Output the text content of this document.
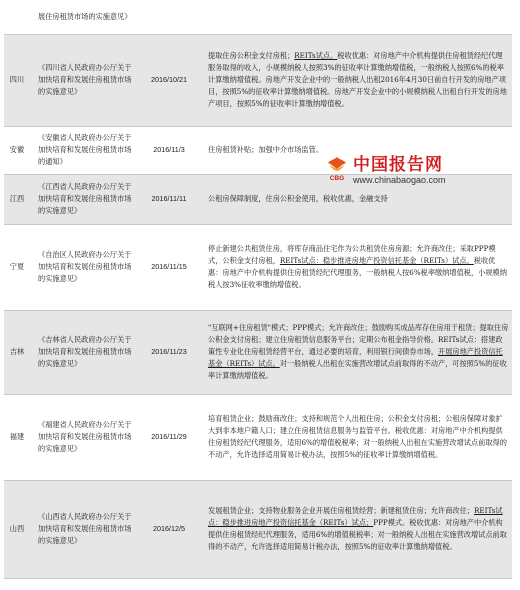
	展住房租赁市场的实施意见》		
四川	《四川省人民政府办公厅关于加快培育和发展住房租赁市场的实施意见》	2016/10/21	提取住房公积金支付房租；REITs试点。税收优惠：对房地产中介机构提供住房租赁经纪代理服务取得的收入，小规模纳税人按照3%的征收率计算缴纳增值税，一般纳税人按照6%的税率计算缴纳增值税。房地产开发企业中的一般纳税人出租2016年4月30日前自行开发的房地产项目，按照5%的征收率计算缴纳增值税。房地产开发企业中的小规模纳税人出租自行开发的房地产项目，按照5%的征收率计算缴纳增值税。
安徽	《安徽省人民政府办公厅关于加快培育和发展住房租赁市场的通知》	2016/11/3	住房租赁补贴；加强中介市场监管。
江西	《江西省人民政府办公厅关于加快培育和发展住房租赁市场的实施意见》	2016/11/11	公租房保障制度，住房公积金使用，税收优惠，金融支持
宁夏	《自治区人民政府办公厅关于加快培育和发展住房租赁市场的实施意见》	2016/11/15	停止新建公共租赁住房，将库存商品住宅作为公共租赁住房房源；允许商改住；采取PPP模式，公积金支付房租，REITs试点：稳步推进房地产投资信托基金（REITs）试点。税收优惠：房地产中介机构提供住房租赁经纪代理服务，一般纳税人按6%税率缴纳增值税，小规模纳税人按3%征收率缴纳增值税。
吉林	《吉林省人民政府办公厅关于加快培育和发展住房租赁市场的实施意见》	2016/11/23	"互联网+住房租赁"模式；PPP模式；允许商改住；鼓励购买成品库存住房用于租赁；提取住房公积金支付房租；建立住房租赁信息服务平台；定期公布租金指导价格。REITs试点：搭建政策性专业化住房租赁经营平台，通过必要的培育，利用银行间债券市场，开展房地产投资信托基金（REITs）试点。对一般纳税人出租在实施营改增试点前取得的不动产，可按照5%的征收率计算缴纳增值税。
福建	《福建省人民政府办公厅关于加快培育和发展住房租赁市场的实施意见》	2016/11/29	培育租赁企业；鼓励商改住；支持和规范个人出租住房；公积金支付房租；公租房保障对象扩大到非本地户籍人口；建立住房租赁信息服务与监管平台。税收优惠：对房地产中介机构提供住房租赁经纪代理服务，适用6%的增值税税率；对一般纳税人出租在实施营改增试点前取得的不动产，允许选择适用简易计税办法，按照5%的征收率计算缴纳增值税。
山西	《山西省人民政府办公厅关于加快培育和发展住房租赁市场的实施意见》	2016/12/5	发展租赁企业；支持物业服务企业开展住房租赁经营；新建租赁住房；允许商改住；REITs试点：稳步推进房地产投资信托基金（REITs）试点；PPP模式。税收优惠：对房地产中介机构提供住房租赁经纪代理服务，适用6%的增值税税率；对一般纳税人出租在实施营改增试点前取得的不动产，允许选择适用简易计税办法，按照5%的征收率计算缴纳增值税。
CBG
中国报告网
www.chinabaogao.com
